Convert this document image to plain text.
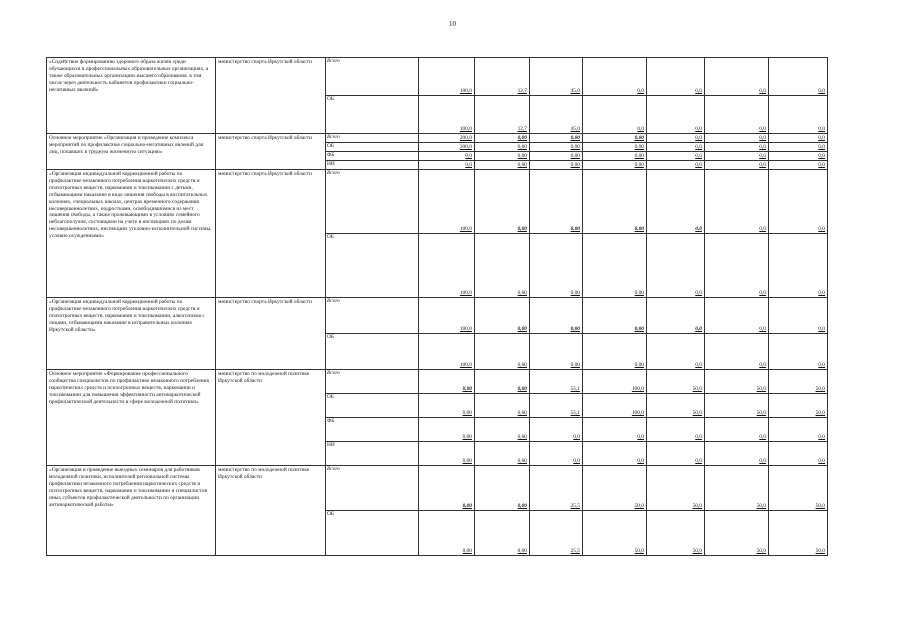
10
«Содействие формированию здорового образа жизни среди обучающихся в профессиональных образовательных организациях, а также образовательных организациях высшего образования, в том числе через деятельность кабинетов профилактики социально-негативных явлений»	министерство спорта Иркутской области	Всего	100,0	12,7	45,0	0,0	0,0	0,0	0,0
		ОБ	100,0	12,7	45,0	0,0	0,0	0,0	0,0
Основное мероприятие «Организация и проведение комплекса мероприятий по профилактике социально-негативных явлений для лиц, попавших в трудную жизненную ситуацию»	министерство спорта Иркутской области	Всего	200,0	0,00	0,00	0,00	0,0	0,0	0,0
		ОБ	200,0	0,00	0,00	0,00	0,0	0,0	0,0
		ФБ	0,0	0,00	0,00	0,00	0,0	0,0	0,0
		НИ	0,0	0,00	0,00	0,00	0,0	0,0	0,0
«Организация индивидуальной коррекционной работы по профилактике незаконного потребления наркотических средств и психотропных веществ, наркомании и токсикомании с детьми, отбывающими наказание в виде лишения свободы в воспитательных колониях, специальных школах, центрах временного содержания несовершеннолетних, подростками, освободившимися из мест лишения свободы, а также проживающими в условиях семейного неблагополучия, состоящими на учете в инспекциях по делам несовершеннолетних, инспекциях уголовно-исполнительной системы, условно осужденными»	министерство спорта Иркутской области	Всего	100,0	0,00	0,00	0,00	0,0	0,0	0,0
		ОБ	100,0	0,00	0,00	0,00	0,0	0,0	0,0
«Организация индивидуальной коррекционной работы по профилактике незаконного потребления наркотических средств и психотропных веществ, наркомании и токсикомании, алкоголизма с лицами, отбывающими наказание в исправительных колониях Иркутской области»	министерство спорта Иркутской области	Всего	100,0	0,00	0,00	0,00	0,0	0,0	0,0
		ОБ	100,0	0,00	0,00	0,00	0,0	0,0	0,0
Основное мероприятие «Формирование профессионального сообщества специалистов по профилактике незаконного потребления наркотических средств и психотропных веществ, наркомании и токсикомании для повышения эффективности антинаркотической профилактической деятельности в сфере молодежной политики»	министерство по молодежной политике Иркутской области	Всего	0,00	0,00	55,1	100,0	50,0	50,0	50,0
		ОБ	0,00	0,00	55,1	100,0	50,0	50,0	50,0
		ФБ	0,00	0,00	0,0	0,0	0,0	0,0	0,0
		НИ	0,00	0,00	0,0	0,0	0,0	0,0	0,0
«Организация и проведение выездных семинаров для работников молодежной политики, исполнителей региональной системы профилактики незаконного потребления наркотических средств и психотропных веществ, наркомании и токсикомании и специалистов иных субъектов профилактической деятельности по организации антинаркотической работы»	министерство по молодежной политике Иркутской области	Всего	0,00	0,00	25,5	50,0	50,0	50,0	50,0
		ОБ	0,00	0,00	25,5	50,0	50,0	50,0	50,0
